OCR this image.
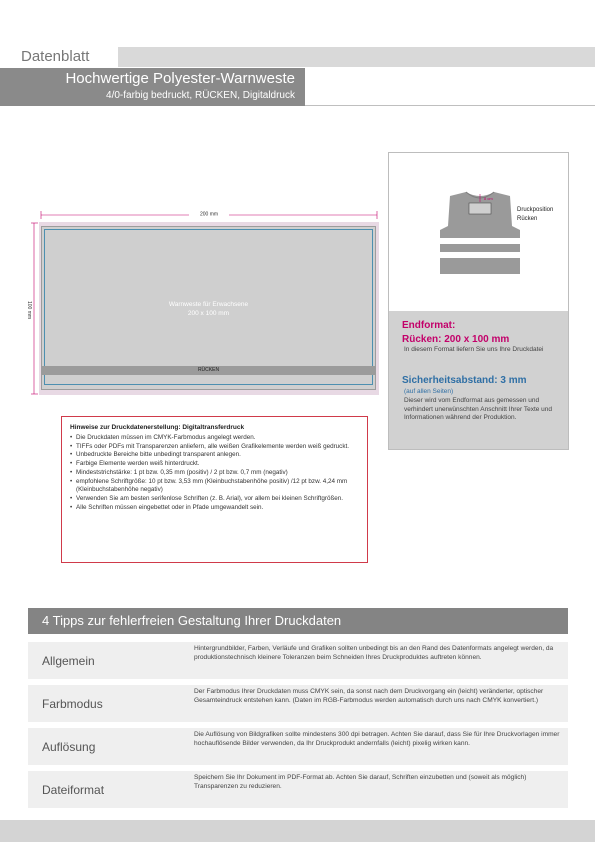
Datenblatt
Hochwertige Polyester-Warnweste
4/0-farbig bedruckt, RÜCKEN, Digitaldruck
200 mm
100 mm
RÜCKEN
Warnweste für Erwachsene
200 x 100 mm
8 cm
Druckposition
Rücken
Endformat:
Rücken: 200 x 100 mm
In diesem Format liefern Sie uns Ihre Druckdatei
Sicherheitsabstand: 3 mm
(auf allen Seiten)
Dieser wird vom Endformat aus gemessen und verhindert unerwünschten Anschnitt Ihrer Texte und Informationen während der Produktion.
Hinweise zur Druckdatenerstellung: Digitaltransferdruck
• Die Druckdaten müssen im CMYK-Farbmodus angelegt werden.
• TIFFs oder PDFs mit Transparenzen anliefern, alle weißen Grafikelemente werden weiß gedruckt.
• Unbedruckte Bereiche bitte unbedingt transparent anlegen.
• Farbige Elemente werden weiß hinterdruckt.
• Mindeststrichstärke: 1 pt bzw. 0,35 mm (positiv) / 2 pt bzw. 0,7 mm (negativ)
• empfohlene Schriftgröße: 10 pt bzw. 3,53 mm (Kleinbuchstabenhöhe positiv) /12 pt bzw. 4,24 mm (Kleinbuchstabenhöhe negativ)
• Verwenden Sie am besten serifenlose Schriften (z. B. Arial), vor allem bei kleinen Schriftgrößen.
• Alle Schriften müssen eingebettet oder in Pfade umgewandelt sein.
4 Tipps zur fehlerfreien Gestaltung Ihrer Druckdaten
Allgemein
Hintergrundbilder, Farben, Verläufe und Grafiken sollten unbedingt bis an den Rand des Datenformats angelegt werden, da produktionstechnisch kleinere Toleranzen beim Schneiden Ihres Druckproduktes auftreten können.
Farbmodus
Der Farbmodus Ihrer Druckdaten muss CMYK sein, da sonst nach dem Druckvorgang ein (leicht) veränderter, optischer Gesamteindruck entstehen kann. (Daten im RGB-Farbmodus werden automatisch durch uns nach CMYK konvertiert.)
Auflösung
Die Auflösung von Bildgrafiken sollte mindestens 300 dpi betragen. Achten Sie darauf, dass Sie für Ihre Druckvorlagen immer hochauflösende Bilder verwenden, da Ihr Druckprodukt andernfalls (leicht) pixelig wirken kann.
Dateiformat
Speichern Sie Ihr Dokument im PDF-Format ab. Achten Sie darauf, Schriften einzubetten und (soweit als möglich) Transparenzen zu reduzieren.
